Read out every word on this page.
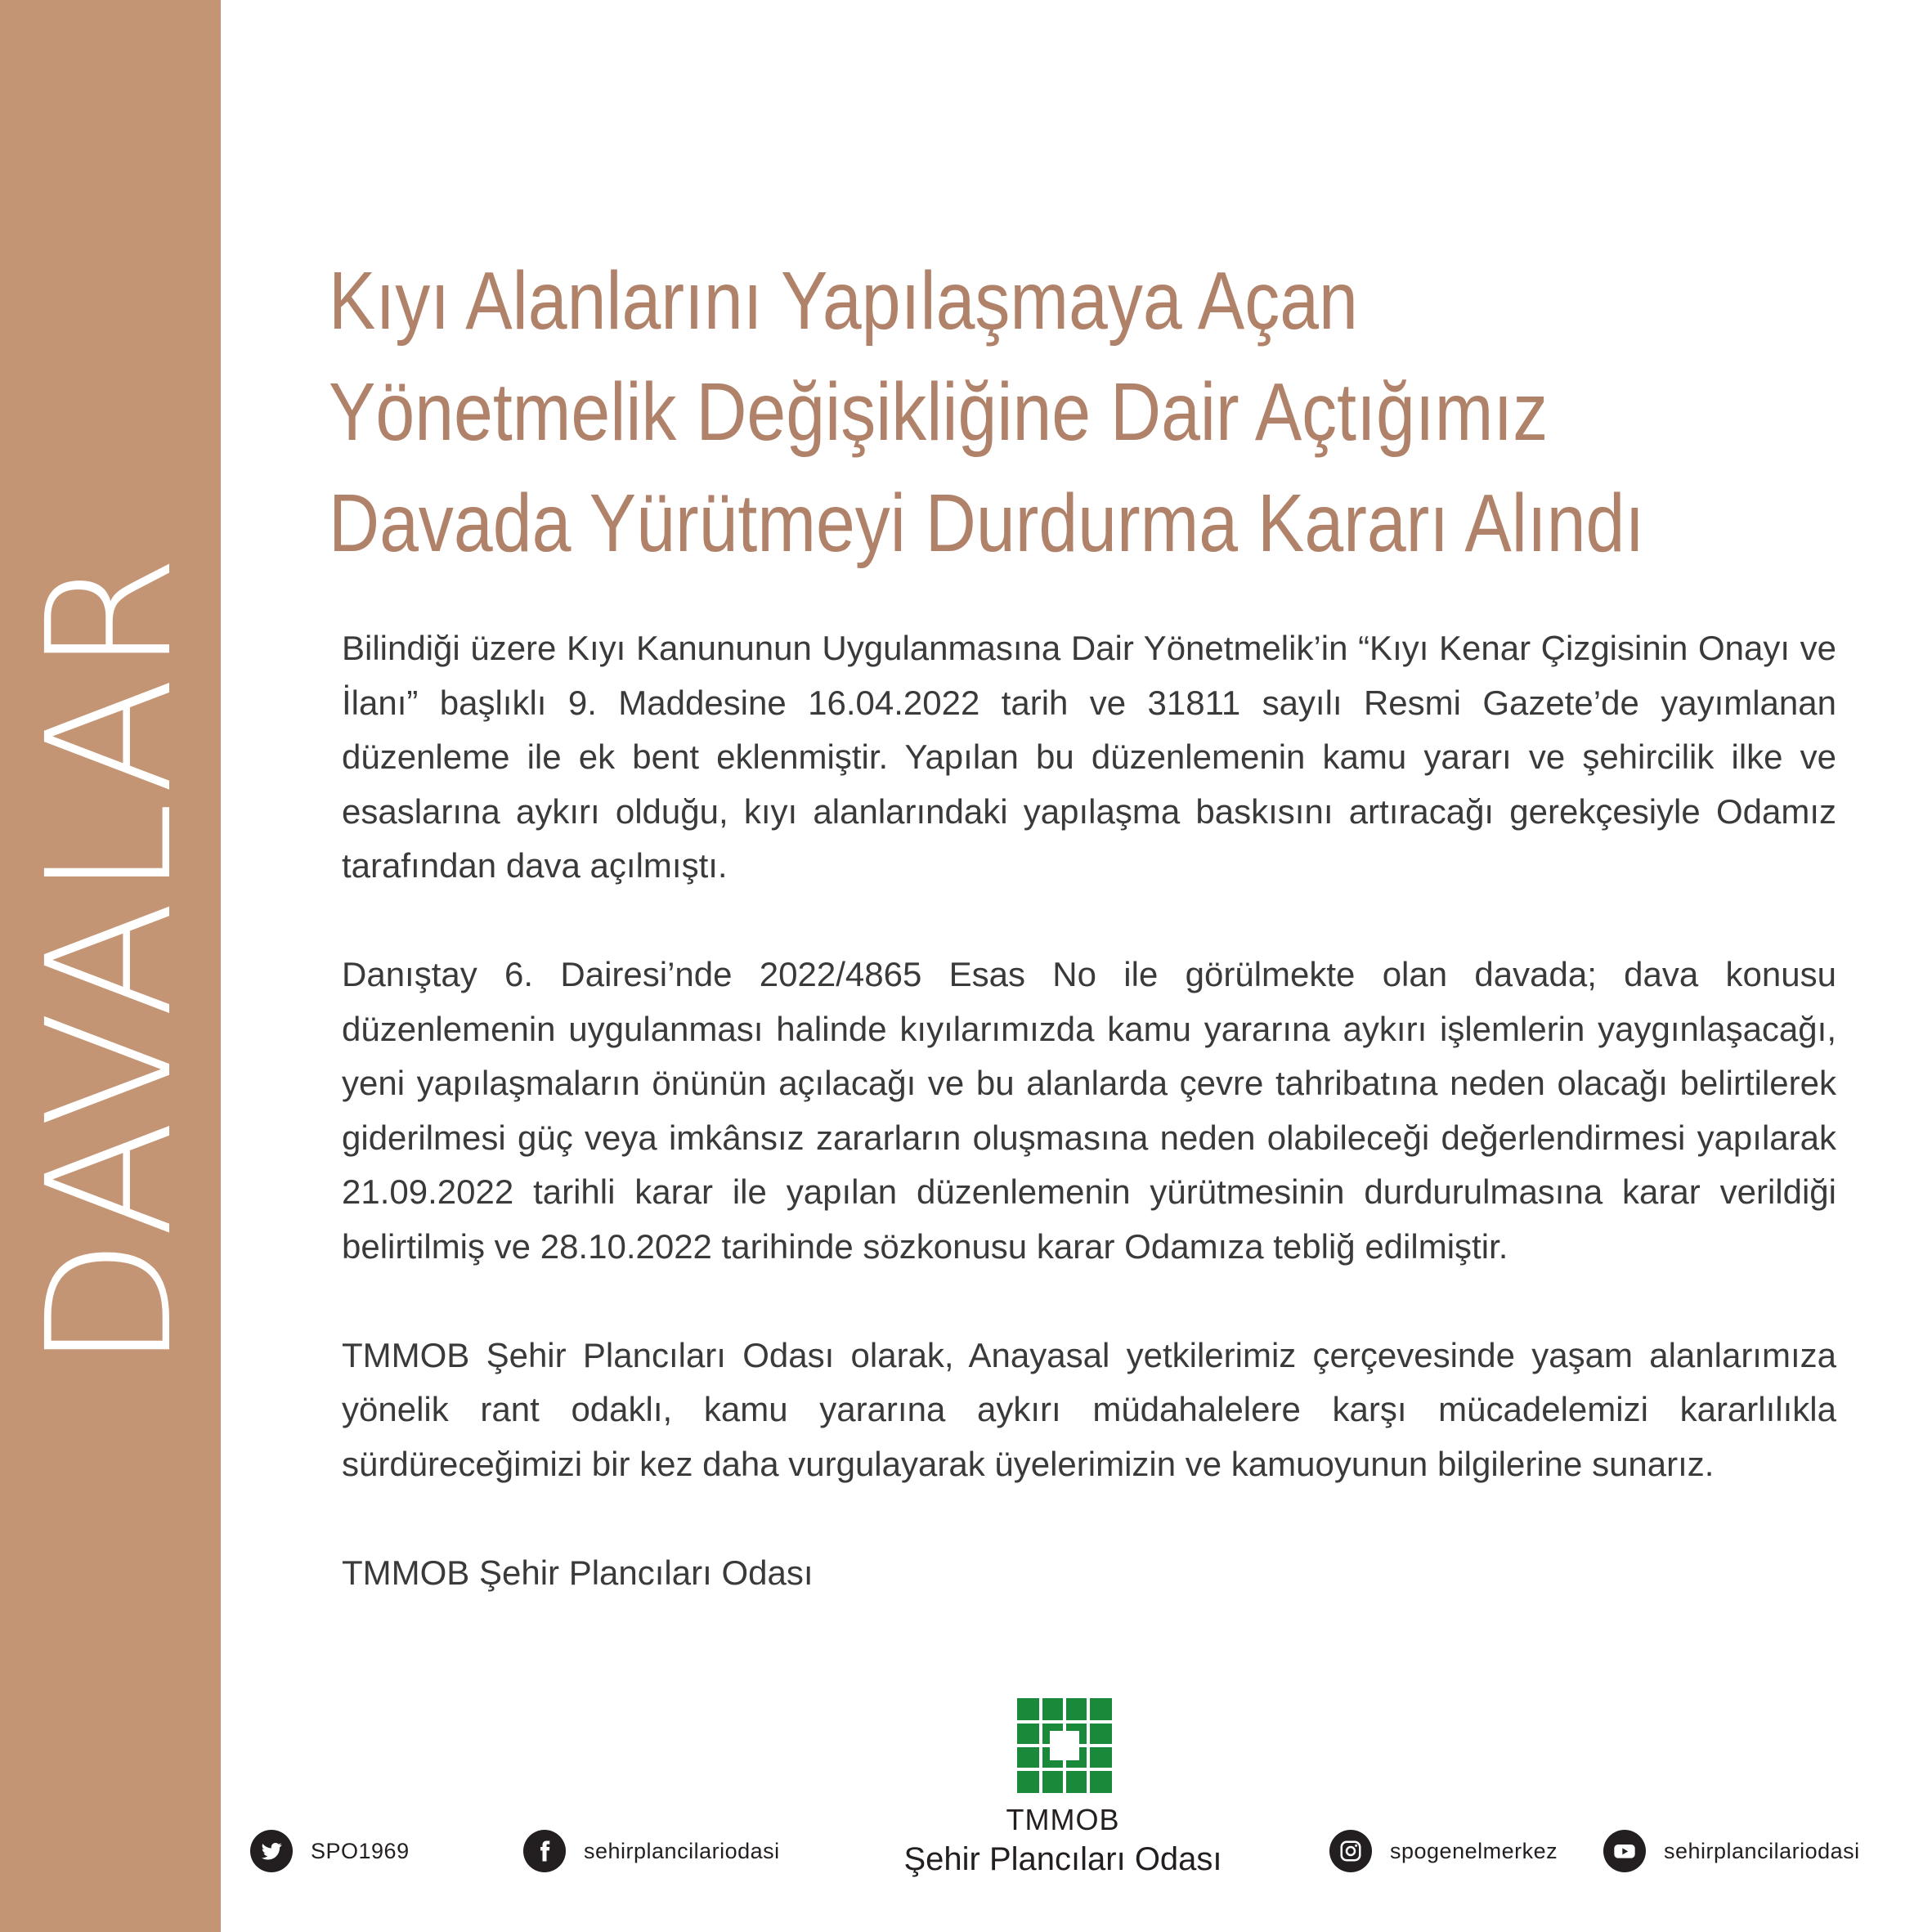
DAVALAR
Kıyı Alanlarını Yapılaşmaya Açan
Yönetmelik Değişikliğine Dair Açtığımız
Davada Yürütmeyi Durdurma Kararı Alındı

Bilindiği üzere Kıyı Kanununun Uygulanmasına Dair Yönetmelik’in “Kıyı Kenar Çizgisinin Onayı ve İlanı” başlıklı 9. Maddesine 16.04.2022 tarih ve 31811 sayılı Resmi Gazete’de yayımlanan düzenleme ile ek bent eklenmiştir. Yapılan bu düzenlemenin kamu yararı ve şehircilik ilke ve esaslarına aykırı olduğu, kıyı alanlarındaki yapılaşma baskısını artıracağı gerekçesiyle Odamız tarafından dava açılmıştı.

Danıştay 6. Dairesi’nde 2022/4865 Esas No ile görülmekte olan davada; dava konusu düzenlemenin uygulanması halinde kıyılarımızda kamu yararına aykırı işlemlerin yaygınlaşacağı, yeni yapılaşmaların önünün açılacağı ve bu alanlarda çevre tahribatına neden olacağı belirtilerek giderilmesi güç veya imkânsız zararların oluşmasına neden olabileceği değerlendirmesi yapılarak 21.09.2022 tarihli karar ile yapılan düzenlemenin yürütmesinin durdurulmasına karar verildiği belirtilmiş ve 28.10.2022 tarihinde sözkonusu karar Odamıza tebliğ edilmiştir.

TMMOB Şehir Plancıları Odası olarak, Anayasal yetkilerimiz çerçevesinde yaşam alanlarımıza yönelik rant odaklı, kamu yararına aykırı müdahalelere karşı mücadelemizi kararlılıkla sürdüreceğimizi bir kez daha vurgulayarak üyelerimizin ve kamuoyunun bilgilerine sunarız.

TMMOB Şehir Plancıları Odası

TMMOB
Şehir Plancıları Odası
SPO1969	sehirplancilariodasi	spogenelmerkez	sehirplancilariodasi
